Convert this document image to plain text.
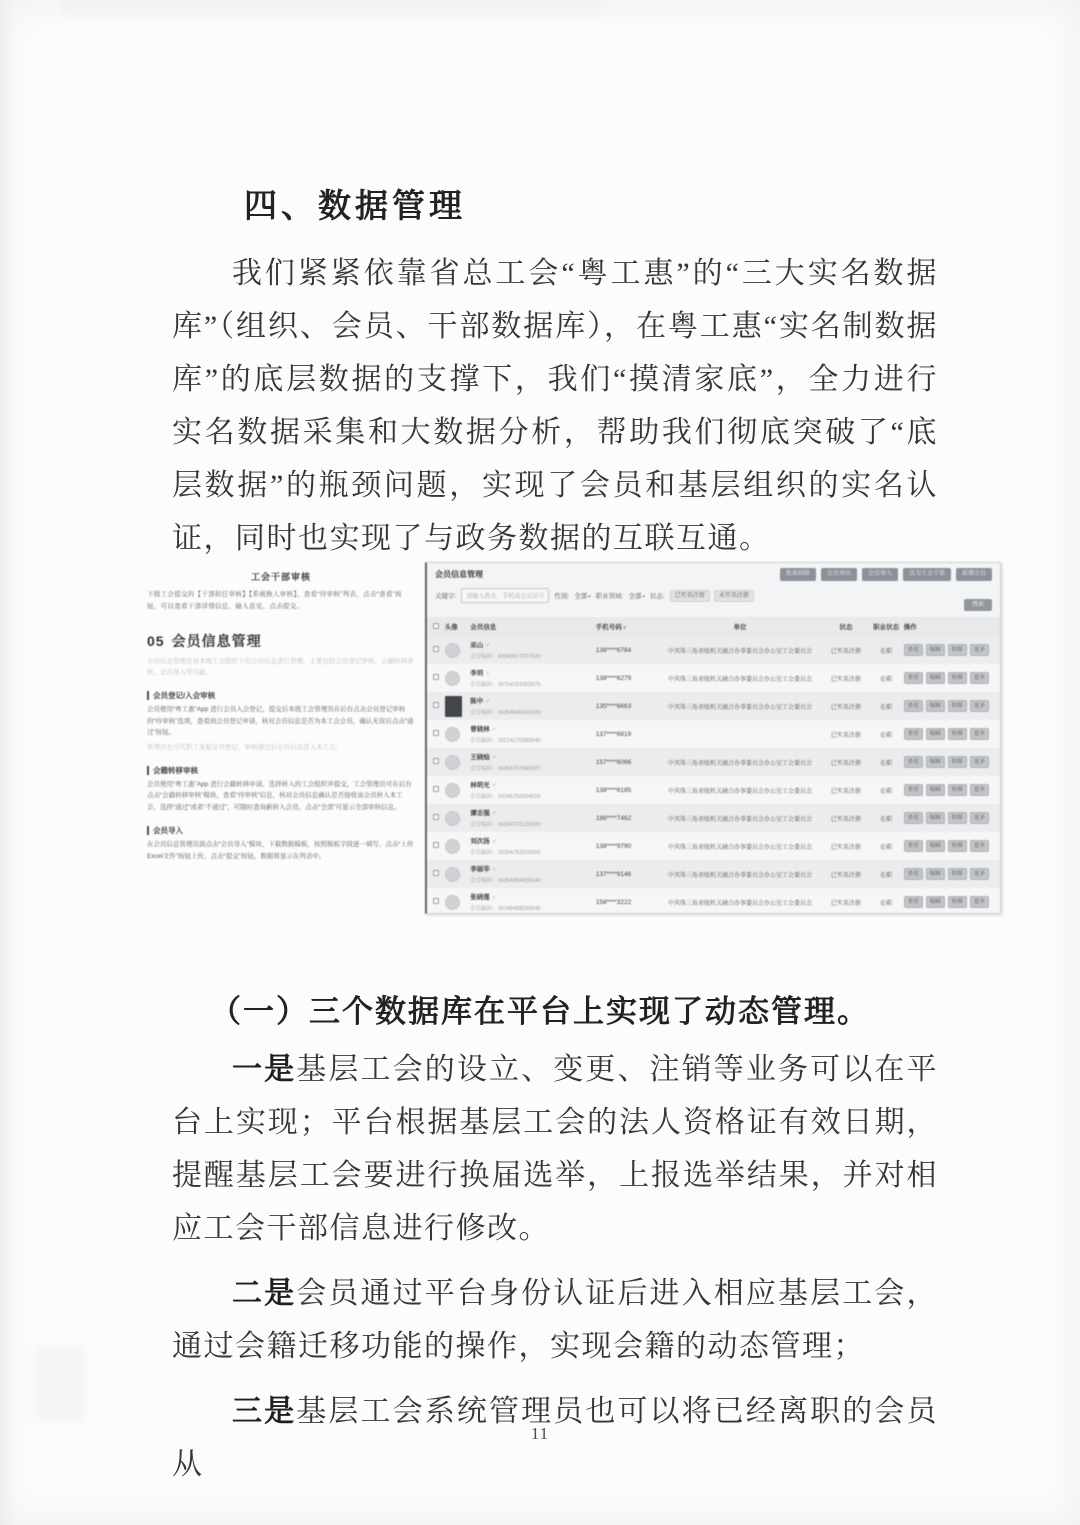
四、数据管理

我们紧紧依靠省总工会“粤工惠”的“三大实名数据库”（组织、会员、干部数据库），在粤工惠“实名制数据库”的底层数据的支撑下，我们“摸清家底”，全力进行实名数据采集和大数据分析，帮助我们彻底突破了“底层数据”的瓶颈问题，实现了会员和基层组织的实名认证，同时也实现了与政务数据的互联互通。

工会干部审核
下级工会提交的【干部拟任审核】【系统换人审核】，查看“待审核”列表，点击“查看”按钮，可以查看干部详情信息、输入意见、点击提交。
05 会员信息管理
会员信息管理是对本级工会组织下的会员信息进行管理，主要包括会员登记审核、会籍转移审核、会员导入等功能。
会员登记/入会审核
会员使用“粤工惠”App 进行会员入会登记，提交后本级工会管理员在后台点击会员登记审核的“待审核”选项，查看到会员登记申请，核对会员信息是否为本工会会员，确认无误后点击“通过”按钮。
管理员也可代职工发起会员登记，审核通过后会员信息进入本工会。
会籍转移审核
会员使用“粤工惠”App 进行会籍转移申请，选择转入的工会组织并提交，工会管理员可在后台点击“会籍转移审核”模块，查看“待审核”信息，核对会员信息确认是否接收该会员转入本工会，选择“通过”或者“不通过”，可随时查询新转入会员，点击“全部”可显示全部审核信息。
会员导入
在会员信息管理页面点击“会员导入”模块，下载数据模板，按照模板字段逐一填写，点击“上传Excel文件”按钮上传，点击“提交”按钮，数据将显示在列表中。
会员信息管理	批量移除	会员导出	会员导入	设为工会干部	新增会员
关键字:	请输入姓名、手机或会员证号	性别: 全部▾ 职业领域: 全部▾ 状态:	已实名注册	未实名注册
搜索
头像	会员信息	手机号码∨	单位	状态	职业状态 操作
巫山 ♂
会员编码：43040917207920
138****6784	中共珠三角省级机关融合办事委员会办公室工会委员会	已实名注册	在职	查看	编辑	转移	更多
李玥 ♀
会员编码：16704151052075
138****6279	中共珠三角省级机关融合办事委员会办公室工会委员会	已实名注册	在职	查看	编辑	转移	更多
陈中 ♂
会员编码：16354646415026
135****6663	中共珠三角省级机关融合办事委员会办公室工会委员会	已实名注册	在职	查看	编辑	转移	更多
曾晓林 ♂
会员编码：16214170282640
137****6819	已实名注册	在职	查看	编辑	转移	更多
王晓灿 ♂
会员编码：16304707040027
157****6066	中共珠三角省级机关融合办事委员会办公室工会委员会	已实名注册	在职	查看	编辑	转移	更多
林明光 ♂
会员编码：16046702054016
138****6185	中共珠三角省级机关融合办事委员会办公室工会委员会	已实名注册	在职	查看	编辑	转移	更多
谭志强 ♂
会员编码：16204722126020
186****7462	中共珠三角省级机关融合办事委员会办公室工会委员会	已实名注册	在职	查看	编辑	转移	更多
刘次扬 ♂
会员编码：16204762518260
138****9790	中共珠三角省级机关融合办事委员会办公室工会委员会	已实名注册	在职	查看	编辑	转移	更多
李丽华 ♀
会员编码：16354084025640
137****9146	中共珠三角省级机关融合办事委员会办公室工会委员会	已实名注册	在职	查看	编辑	转移	更多
张晓莲 ♀
会员编码：16749408250645
158****3222	中共珠三角省级机关融合办事委员会办公室工会委员会	已实名注册	在职	查看	编辑	转移	更多
（一）三个数据库在平台上实现了动态管理。

一是基层工会的设立、变更、注销等业务可以在平台上实现；平台根据基层工会的法人资格证有效日期，提醒基层工会要进行换届选举，上报选举结果，并对相应工会干部信息进行修改。

二是会员通过平台身份认证后进入相应基层工会，通过会籍迁移功能的操作，实现会籍的动态管理；

三是基层工会系统管理员也可以将已经离职的会员从

11
